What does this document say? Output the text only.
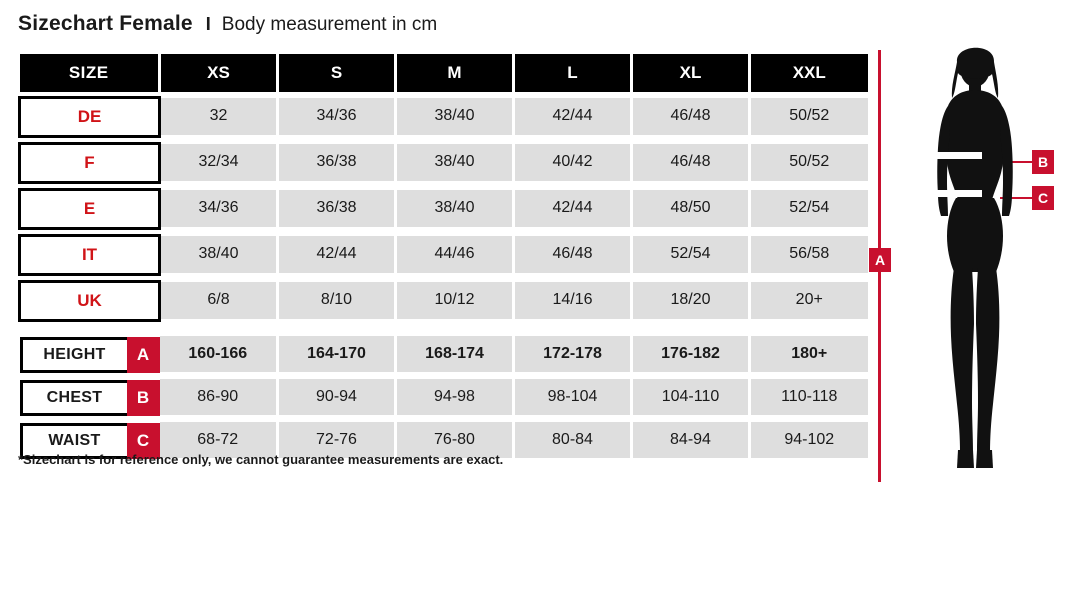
Sizechart Female I Body measurement in cm
SIZE	XS	S	M	L	XL	XXL

DE	32	34/36	38/40	42/44	46/48	50/52

F	32/34	36/38	38/40	40/42	46/48	50/52

E	34/36	36/38	38/40	42/44	48/50	52/54

IT	38/40	42/44	44/46	46/48	52/54	56/58

UK	6/8	8/10	10/12	14/16	18/20	20+

HEIGHT A	160-166	164-170	168-174	172-178	176-182	180+

CHEST B	86-90	90-94	94-98	98-104	104-110	110-118

WAIST C	68-72	72-76	76-80	80-84	84-94	94-102
*Sizechart is for reference only, we cannot guarantee measurements are exact.
A
B
C
